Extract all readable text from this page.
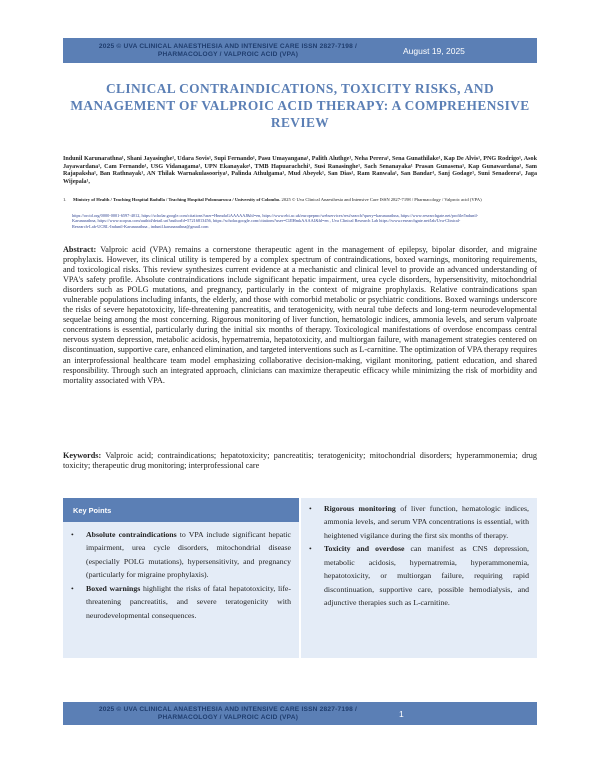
2025 © UVA CLINICAL ANAESTHESIA AND INTENSIVE CARE ISSN 2827-7198 /
PHARMACOLOGY / VALPROIC ACID (VPA)	August 19, 2025
CLINICAL CONTRAINDICATIONS, TOXICITY RISKS, AND MANAGEMENT OF VALPROIC ACID THERAPY: A COMPREHENSIVE REVIEW
Indunil Karunarathna¹, Shani Jayasinghe¹, Udara Sovis¹, Supi Fernando¹, Pasu Umayangana¹, Palith Aluthge¹, Neha Perera¹, Sena Gunathilake¹, Kap De Alvis¹, PNG Rodrigo¹, Asok Jayawardana¹, Cam Fernando¹, USG Vidanagama¹, UPN Ekanayake¹, TMB Hapuarachchi¹, Susi Ranasinghe¹, Sach Senanayaka¹ Prasan Gunasena¹, Kap Gunawardana¹, Sam Rajapaksha¹, Ban Rathnayak¹, AN Thilak Warnakulasooriya¹, Palinda Athulgama¹, Mud Abeyek¹, San Dias¹, Ram Ranwala¹, San Bandar¹, Sanj Godage¹, Suni Senadeera¹, Jaga Wijepala¹,
1. Ministry of Health / Teaching Hospital Badulla / Teaching Hospital Polonnaruwa / University of Colombo. 2025 © Uva Clinical Anaesthesia and Intensive Care ISSN 2827-7198 / Pharmacology / Valproic acid (VPA)
https://orcid.org/0000-0001-6597-4012, https://scholar.google.com/citations?user=HnmdaGAAAAAJ&hl=en, https://www.ebi.ac.uk/europepmc/webservices/rest/search?query=karunarathna, https://www.researchgate.net/profile/Indunil-
Karunarathna, https://www.scopus.com/authid/detail.uri?authorId=57216813456, https://scholar.google.com/citations?user=ClJIHmkAAAAJ&hl=en , Uva Clinical Research Lab https://www.researchgate.net/lab/Uva-Clinical-
Research-Lab-UCRL-Indunil-Karunarathna , indunil.karunarathna@gmail.com
Abstract: Valproic acid (VPA) remains a cornerstone therapeutic agent in the management of epilepsy, bipolar disorder, and migraine prophylaxis. However, its clinical utility is tempered by a complex spectrum of contraindications, boxed warnings, monitoring requirements, and toxicological risks. This review synthesizes current evidence at a mechanistic and clinical level to provide an advanced understanding of VPA's safety profile. Absolute contraindications include significant hepatic impairment, urea cycle disorders, hypersensitivity, mitochondrial disorders such as POLG mutations, and pregnancy, particularly in the context of migraine prophylaxis. Relative contraindications span vulnerable populations including infants, the elderly, and those with comorbid metabolic or psychiatric conditions. Boxed warnings underscore the risks of severe hepatotoxicity, life-threatening pancreatitis, and teratogenicity, with neural tube defects and long-term neurodevelopmental sequelae being among the most concerning. Rigorous monitoring of liver function, hematologic indices, ammonia levels, and serum valproate concentrations is essential, particularly during the initial six months of therapy. Toxicological manifestations of overdose encompass central nervous system depression, metabolic acidosis, hypernatremia, hepatotoxicity, and multiorgan failure, with management strategies centered on discontinuation, supportive care, enhanced elimination, and targeted interventions such as L-carnitine. The optimization of VPA therapy requires an interprofessional healthcare team model emphasizing collaborative decision-making, vigilant monitoring, patient education, and shared responsibility. Through such an integrated approach, clinicians can maximize therapeutic efficacy while minimizing the risk of morbidity and mortality associated with VPA.
Keywords: Valproic acid; contraindications; hepatotoxicity; pancreatitis; teratogenicity; mitochondrial disorders; hyperammonemia; drug toxicity; therapeutic drug monitoring; interprofessional care
Key Points
•	Absolute contraindications to VPA include significant hepatic impairment, urea cycle disorders, mitochondrial disease (especially POLG mutations), hypersensitivity, and pregnancy (particularly for migraine prophylaxis).
•	Boxed warnings highlight the risks of fatal hepatotoxicity, life-threatening pancreatitis, and severe teratogenicity with neurodevelopmental consequences.
•	Rigorous monitoring of liver function, hematologic indices, ammonia levels, and serum VPA concentrations is essential, with heightened vigilance during the first six months of therapy.
•	Toxicity and overdose can manifest as CNS depression, metabolic acidosis, hypernatremia, hyperammonemia, hepatotoxicity, or multiorgan failure, requiring rapid discontinuation, supportive care, possible hemodialysis, and adjunctive therapies such as L-carnitine.
2025 © UVA CLINICAL ANAESTHESIA AND INTENSIVE CARE ISSN 2827-7198 /
PHARMACOLOGY / VALPROIC ACID (VPA)	1
